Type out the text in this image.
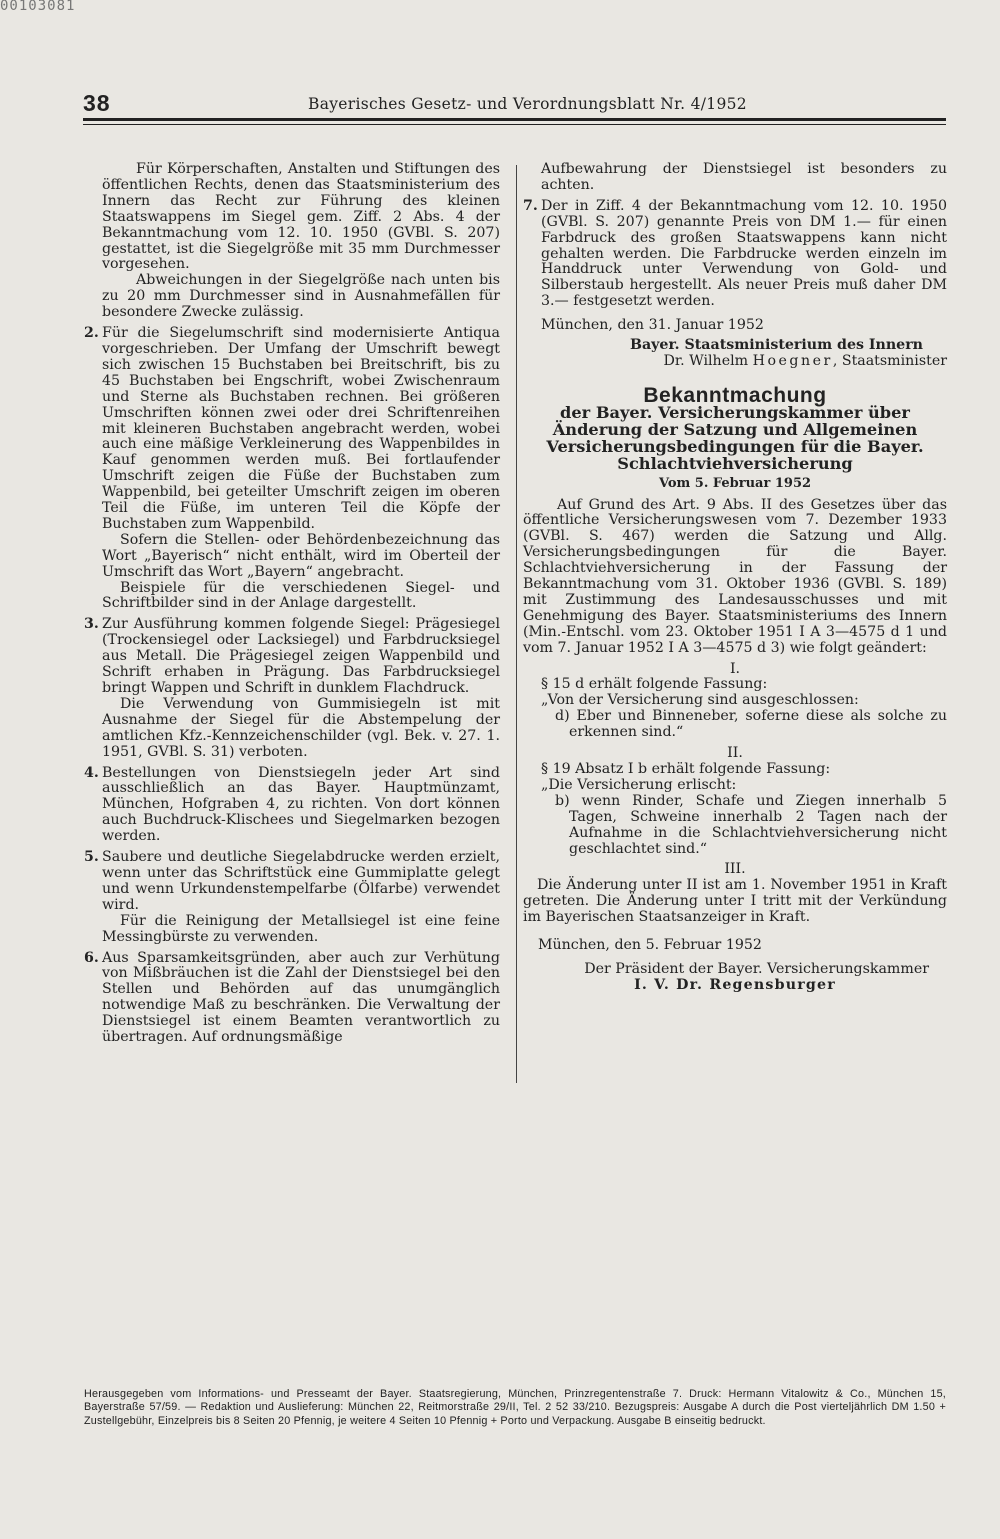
00103081
38	Bayerisches Gesetz- und Verordnungsblatt Nr. 4/1952

Für Körperschaften, Anstalten und Stiftungen des öffentlichen Rechts, denen das Staatsministerium des Innern das Recht zur Führung des kleinen Staatswappens im Siegel gem. Ziff. 2 Abs. 4 der Bekanntmachung vom 12. 10. 1950 (GVBl. S. 207) gestattet, ist die Siegelgröße mit 35 mm Durchmesser vorgesehen.

Abweichungen in der Siegelgröße nach unten bis zu 20 mm Durchmesser sind in Ausnahmefällen für besondere Zwecke zulässig.

2. Für die Siegelumschrift sind modernisierte Antiqua vorgeschrieben. Der Umfang der Umschrift bewegt sich zwischen 15 Buchstaben bei Breitschrift, bis zu 45 Buchstaben bei Engschrift, wobei Zwischenraum und Sterne als Buchstaben rechnen. Bei größeren Umschriften können zwei oder drei Schriftenreihen mit kleineren Buchstaben angebracht werden, wobei auch eine mäßige Verkleinerung des Wappenbildes in Kauf genommen werden muß. Bei fortlaufender Umschrift zeigen die Füße der Buchstaben zum Wappenbild, bei geteilter Umschrift zeigen im oberen Teil die Füße, im unteren Teil die Köpfe der Buchstaben zum Wappenbild.

Sofern die Stellen- oder Behördenbezeichnung das Wort „Bayerisch“ nicht enthält, wird im Oberteil der Umschrift das Wort „Bayern“ angebracht.

Beispiele für die verschiedenen Siegel- und Schriftbilder sind in der Anlage dargestellt.

3. Zur Ausführung kommen folgende Siegel: Prägesiegel (Trockensiegel oder Lacksiegel) und Farbdrucksiegel aus Metall. Die Prägesiegel zeigen Wappenbild und Schrift erhaben in Prägung. Das Farbdrucksiegel bringt Wappen und Schrift in dunklem Flachdruck.

Die Verwendung von Gummisiegeln ist mit Ausnahme der Siegel für die Abstempelung der amtlichen Kfz.-Kennzeichenschilder (vgl. Bek. v. 27. 1. 1951, GVBl. S. 31) verboten.

4. Bestellungen von Dienstsiegeln jeder Art sind ausschließlich an das Bayer. Hauptmünzamt, München, Hofgraben 4, zu richten. Von dort können auch Buchdruck-Klischees und Siegelmarken bezogen werden.

5. Saubere und deutliche Siegelabdrucke werden erzielt, wenn unter das Schriftstück eine Gummiplatte gelegt und wenn Urkundenstempelfarbe (Ölfarbe) verwendet wird.

Für die Reinigung der Metallsiegel ist eine feine Messingbürste zu verwenden.

6. Aus Sparsamkeitsgründen, aber auch zur Verhütung von Mißbräuchen ist die Zahl der Dienstsiegel bei den Stellen und Behörden auf das unumgänglich notwendige Maß zu beschränken. Die Verwaltung der Dienstsiegel ist einem Beamten verantwortlich zu übertragen. Auf ordnungsmäßige

Aufbewahrung der Dienstsiegel ist besonders zu achten.

7. Der in Ziff. 4 der Bekanntmachung vom 12. 10. 1950 (GVBl. S. 207) genannte Preis von DM 1.— für einen Farbdruck des großen Staatswappens kann nicht gehalten werden. Die Farbdrucke werden einzeln im Handdruck unter Verwendung von Gold- und Silberstaub hergestellt. Als neuer Preis muß daher DM 3.— festgesetzt werden.

München, den 31. Januar 1952

Bayer. Staatsministerium des Innern

Dr. Wilhelm Hoegner, Staatsminister

Bekanntmachung

der Bayer. Versicherungskammer über Änderung der Satzung und Allgemeinen Versicherungsbedingungen für die Bayer. Schlachtviehversicherung

Vom 5. Februar 1952

Auf Grund des Art. 9 Abs. II des Gesetzes über das öffentliche Versicherungswesen vom 7. Dezember 1933 (GVBl. S. 467) werden die Satzung und Allg. Versicherungsbedingungen für die Bayer. Schlachtviehversicherung in der Fassung der Bekanntmachung vom 31. Oktober 1936 (GVBl. S. 189) mit Zustimmung des Landesausschusses und mit Genehmigung des Bayer. Staatsministeriums des Innern (Min.-Entschl. vom 23. Oktober 1951 I A 3—4575 d 1 und vom 7. Januar 1952 I A 3—4575 d 3) wie folgt geändert:

I.

§ 15 d erhält folgende Fassung:

„Von der Versicherung sind ausgeschlossen:

d) Eber und Binneneber, soferne diese als solche zu erkennen sind.“

II.

§ 19 Absatz I b erhält folgende Fassung:

„Die Versicherung erlischt:

b) wenn Rinder, Schafe und Ziegen innerhalb 5 Tagen, Schweine innerhalb 2 Tagen nach der Aufnahme in die Schlachtviehversicherung nicht geschlachtet sind.“

III.

Die Änderung unter II ist am 1. November 1951 in Kraft getreten. Die Änderung unter I tritt mit der Verkündung im Bayerischen Staatsanzeiger in Kraft.

München, den 5. Februar 1952

Der Präsident der Bayer. Versicherungskammer

I. V. Dr. Regensburger

Herausgegeben vom Informations- und Presseamt der Bayer. Staatsregierung, München, Prinzregentenstraße 7. Druck: Hermann Vitalowitz & Co., München 15, Bayerstraße 57/59. — Redaktion und Auslieferung: München 22, Reitmorstraße 29/II, Tel. 2 52 33/210. Bezugspreis: Ausgabe A durch die Post vierteljährlich DM 1.50 + Zustellgebühr, Einzelpreis bis 8 Seiten 20 Pfennig, je weitere 4 Seiten 10 Pfennig + Porto und Verpackung. Ausgabe B einseitig bedruckt.
